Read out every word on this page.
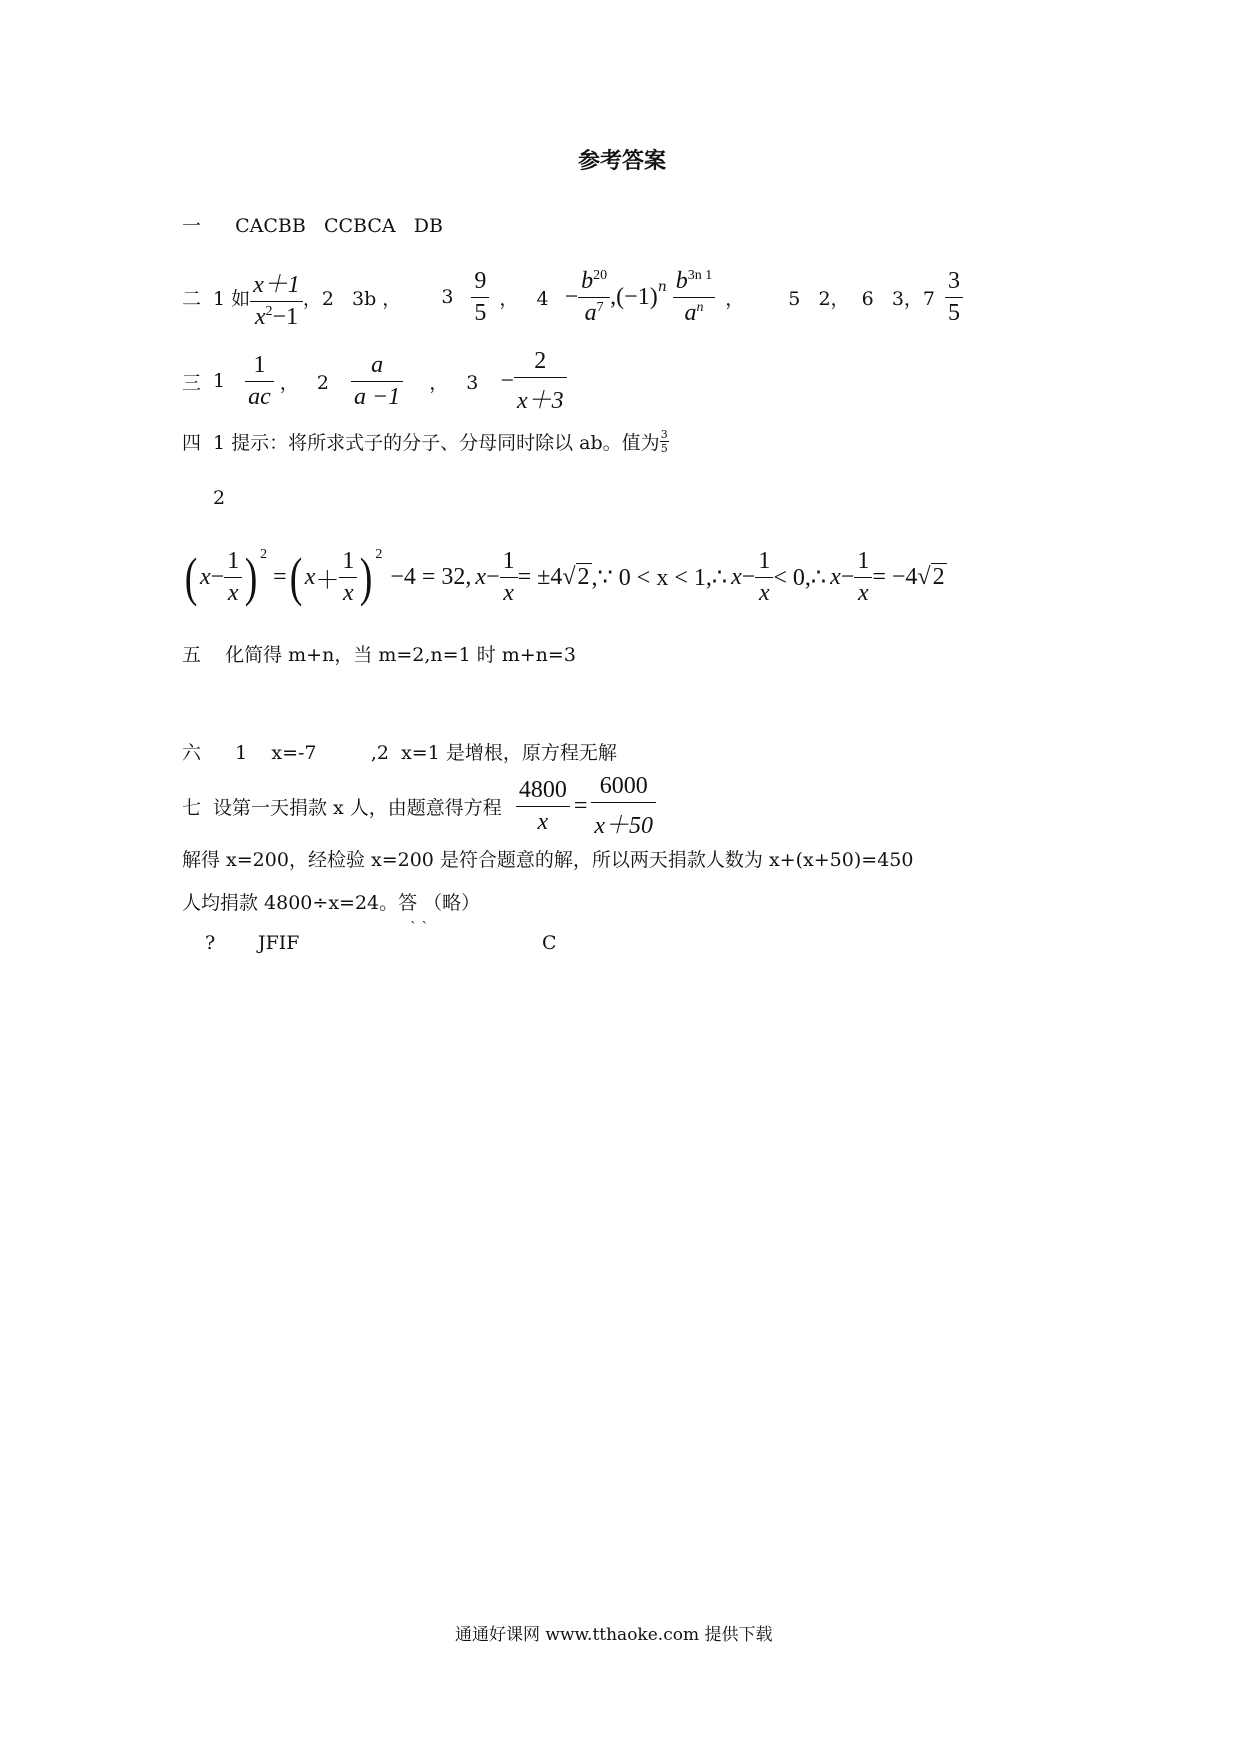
参考答案
一 CACBB   CCBCA   DB
二 1 如 $\frac{x+1}{x^2-1}$ ，2   3b ， $3 \frac{9}{5}$ ，   $4 - \frac{b^{20}}{a^7} ,(-1)^n \frac{b^{3n 1}}{a^n}$ ， 5   2，  6   3，$7 \frac{3}{5}$
三 $1 \frac{1}{ac}$ ，   $2 \frac{a}{a -1}$ ，   $3 - \frac{2}{x+3}$
四 1 提示：将所求式子的分子、分母同时除以 ab。值为 $\frac{3}{5}$
2
( $x - \frac{1}{x} )^2$
= ( $x + \frac{1}{x} )^2$
−4 = 32, $x - \frac{1}{x} = \pm 4$ √ 2 ,∵ 0 < x < 1,∴ $x - \frac{1}{x}$ < 0,∴ $x - \frac{1}{x} = -4$ √ 2
五 化简得 m+n，当 m=2,n=1 时 m+n=3
六 1    x=-7         ,2  x=1 是增根，原方程无解
七 设第一天捐款 x 人，由题意得方程 $\frac{4800}{x} = \frac{6000}{x+50}$
解得 x=200，经检验 x=200 是符合题意的解，所以两天捐款人数为 x+(x+50)=450
人均捐款 4800÷x=24。答 （略）
? JFIF
` `
C
通通好课网 www.tthaoke.com 提供下载
